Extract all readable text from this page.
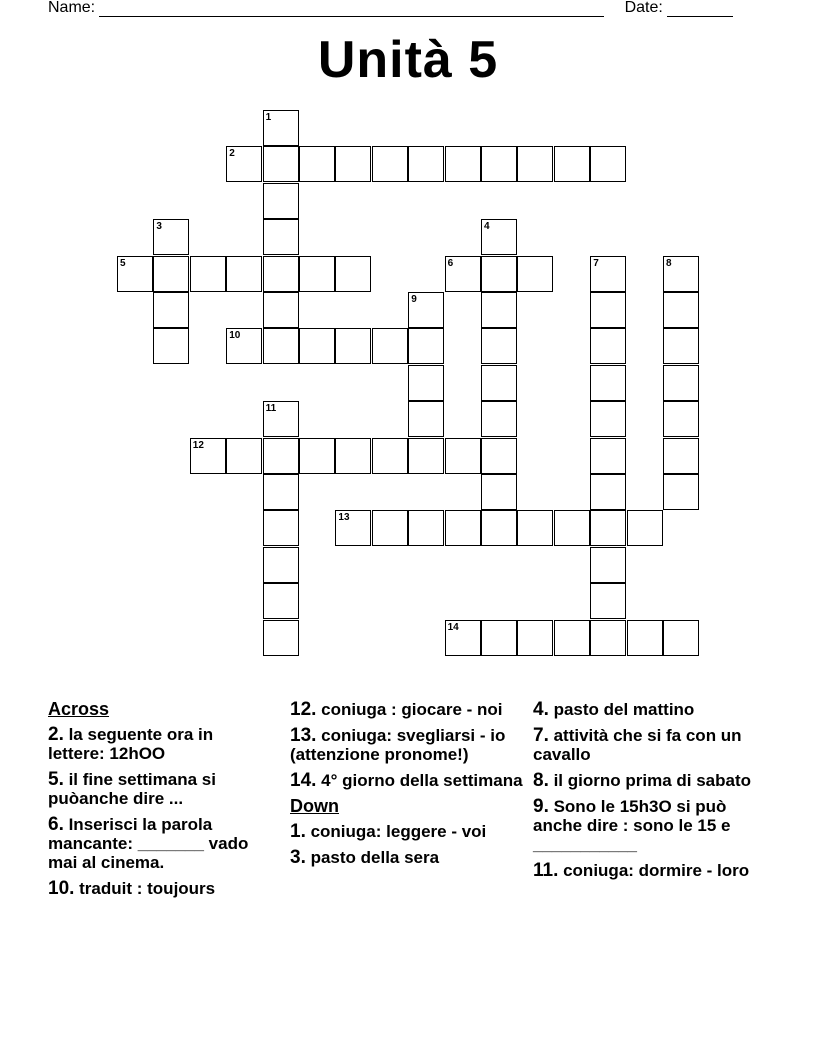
Name:	Date:
Unità 5
1
2
3	4
5	6	7	8
9
10
11
12
13
14
Across
2. la seguente ora in lettere: 12hOO
5. il fine settimana si puòanche dire ...
6. Inserisci la parola mancante: _______ vado mai al cinema.
10. traduit : toujours
12. coniuga : giocare - noi
13. coniuga: svegliarsi - io (attenzione pronome!)
14. 4° giorno della settimana
Down
1. coniuga: leggere - voi
3. pasto della sera
4. pasto del mattino
7. attività che si fa con un cavallo
8. il giorno prima di sabato
9. Sono le 15h3O si può anche dire : sono le 15 e ___________
11. coniuga: dormire - loro
